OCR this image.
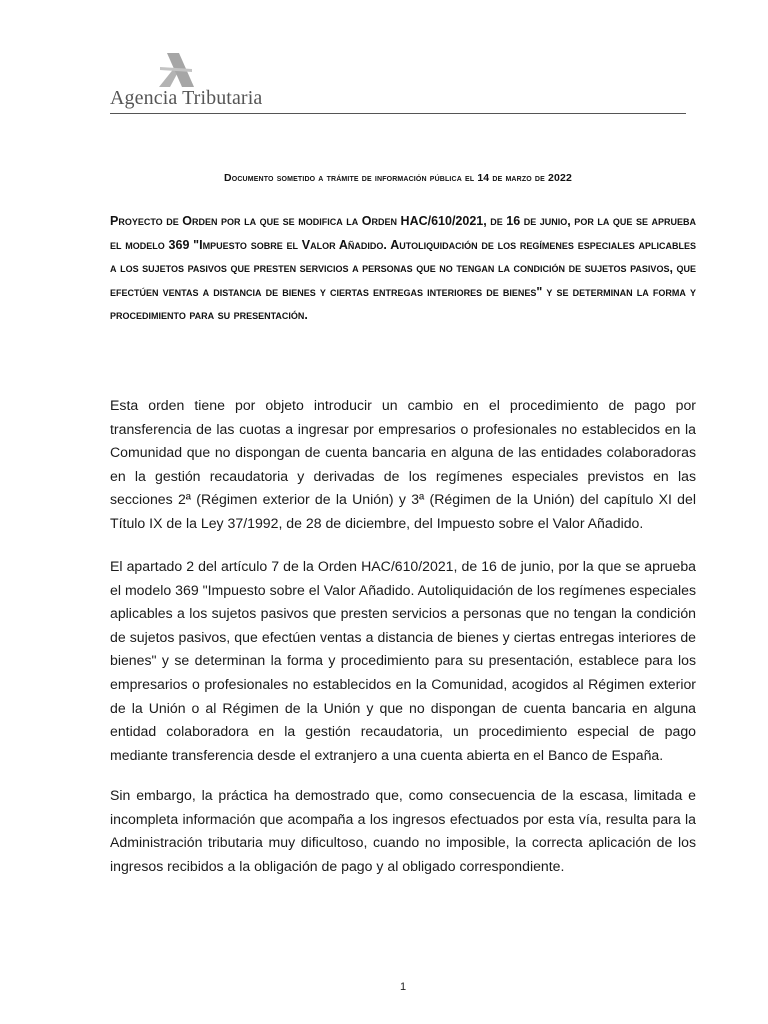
Agencia Tributaria
Documento sometido a trámite de información pública el 14 de marzo de 2022
Proyecto de Orden por la que se modifica la Orden HAC/610/2021, de 16 de junio, por la que se aprueba el modelo 369 "Impuesto sobre el Valor Añadido. Autoliquidación de los regímenes especiales aplicables a los sujetos pasivos que presten servicios a personas que no tengan la condición de sujetos pasivos, que efectúen ventas a distancia de bienes y ciertas entregas interiores de bienes" y se determinan la forma y procedimiento para su presentación.

Esta orden tiene por objeto introducir un cambio en el procedimiento de pago por transferencia de las cuotas a ingresar por empresarios o profesionales no establecidos en la Comunidad que no dispongan de cuenta bancaria en alguna de las entidades colaboradoras en la gestión recaudatoria y derivadas de los regímenes especiales previstos en las secciones 2ª (Régimen exterior de la Unión) y 3ª (Régimen de la Unión) del capítulo XI del Título IX de la Ley 37/1992, de 28 de diciembre, del Impuesto sobre el Valor Añadido.

El apartado 2 del artículo 7 de la Orden HAC/610/2021, de 16 de junio, por la que se aprueba el modelo 369 "Impuesto sobre el Valor Añadido. Autoliquidación de los regímenes especiales aplicables a los sujetos pasivos que presten servicios a personas que no tengan la condición de sujetos pasivos, que efectúen ventas a distancia de bienes y ciertas entregas interiores de bienes" y se determinan la forma y procedimiento para su presentación, establece para los empresarios o profesionales no establecidos en la Comunidad, acogidos al Régimen exterior de la Unión o al Régimen de la Unión y que no dispongan de cuenta bancaria en alguna entidad colaboradora en la gestión recaudatoria, un procedimiento especial de pago mediante transferencia desde el extranjero a una cuenta abierta en el Banco de España.

Sin embargo, la práctica ha demostrado que, como consecuencia de la escasa, limitada e incompleta información que acompaña a los ingresos efectuados por esta vía, resulta para la Administración tributaria muy dificultoso, cuando no imposible, la correcta aplicación de los ingresos recibidos a la obligación de pago y al obligado correspondiente.

1
